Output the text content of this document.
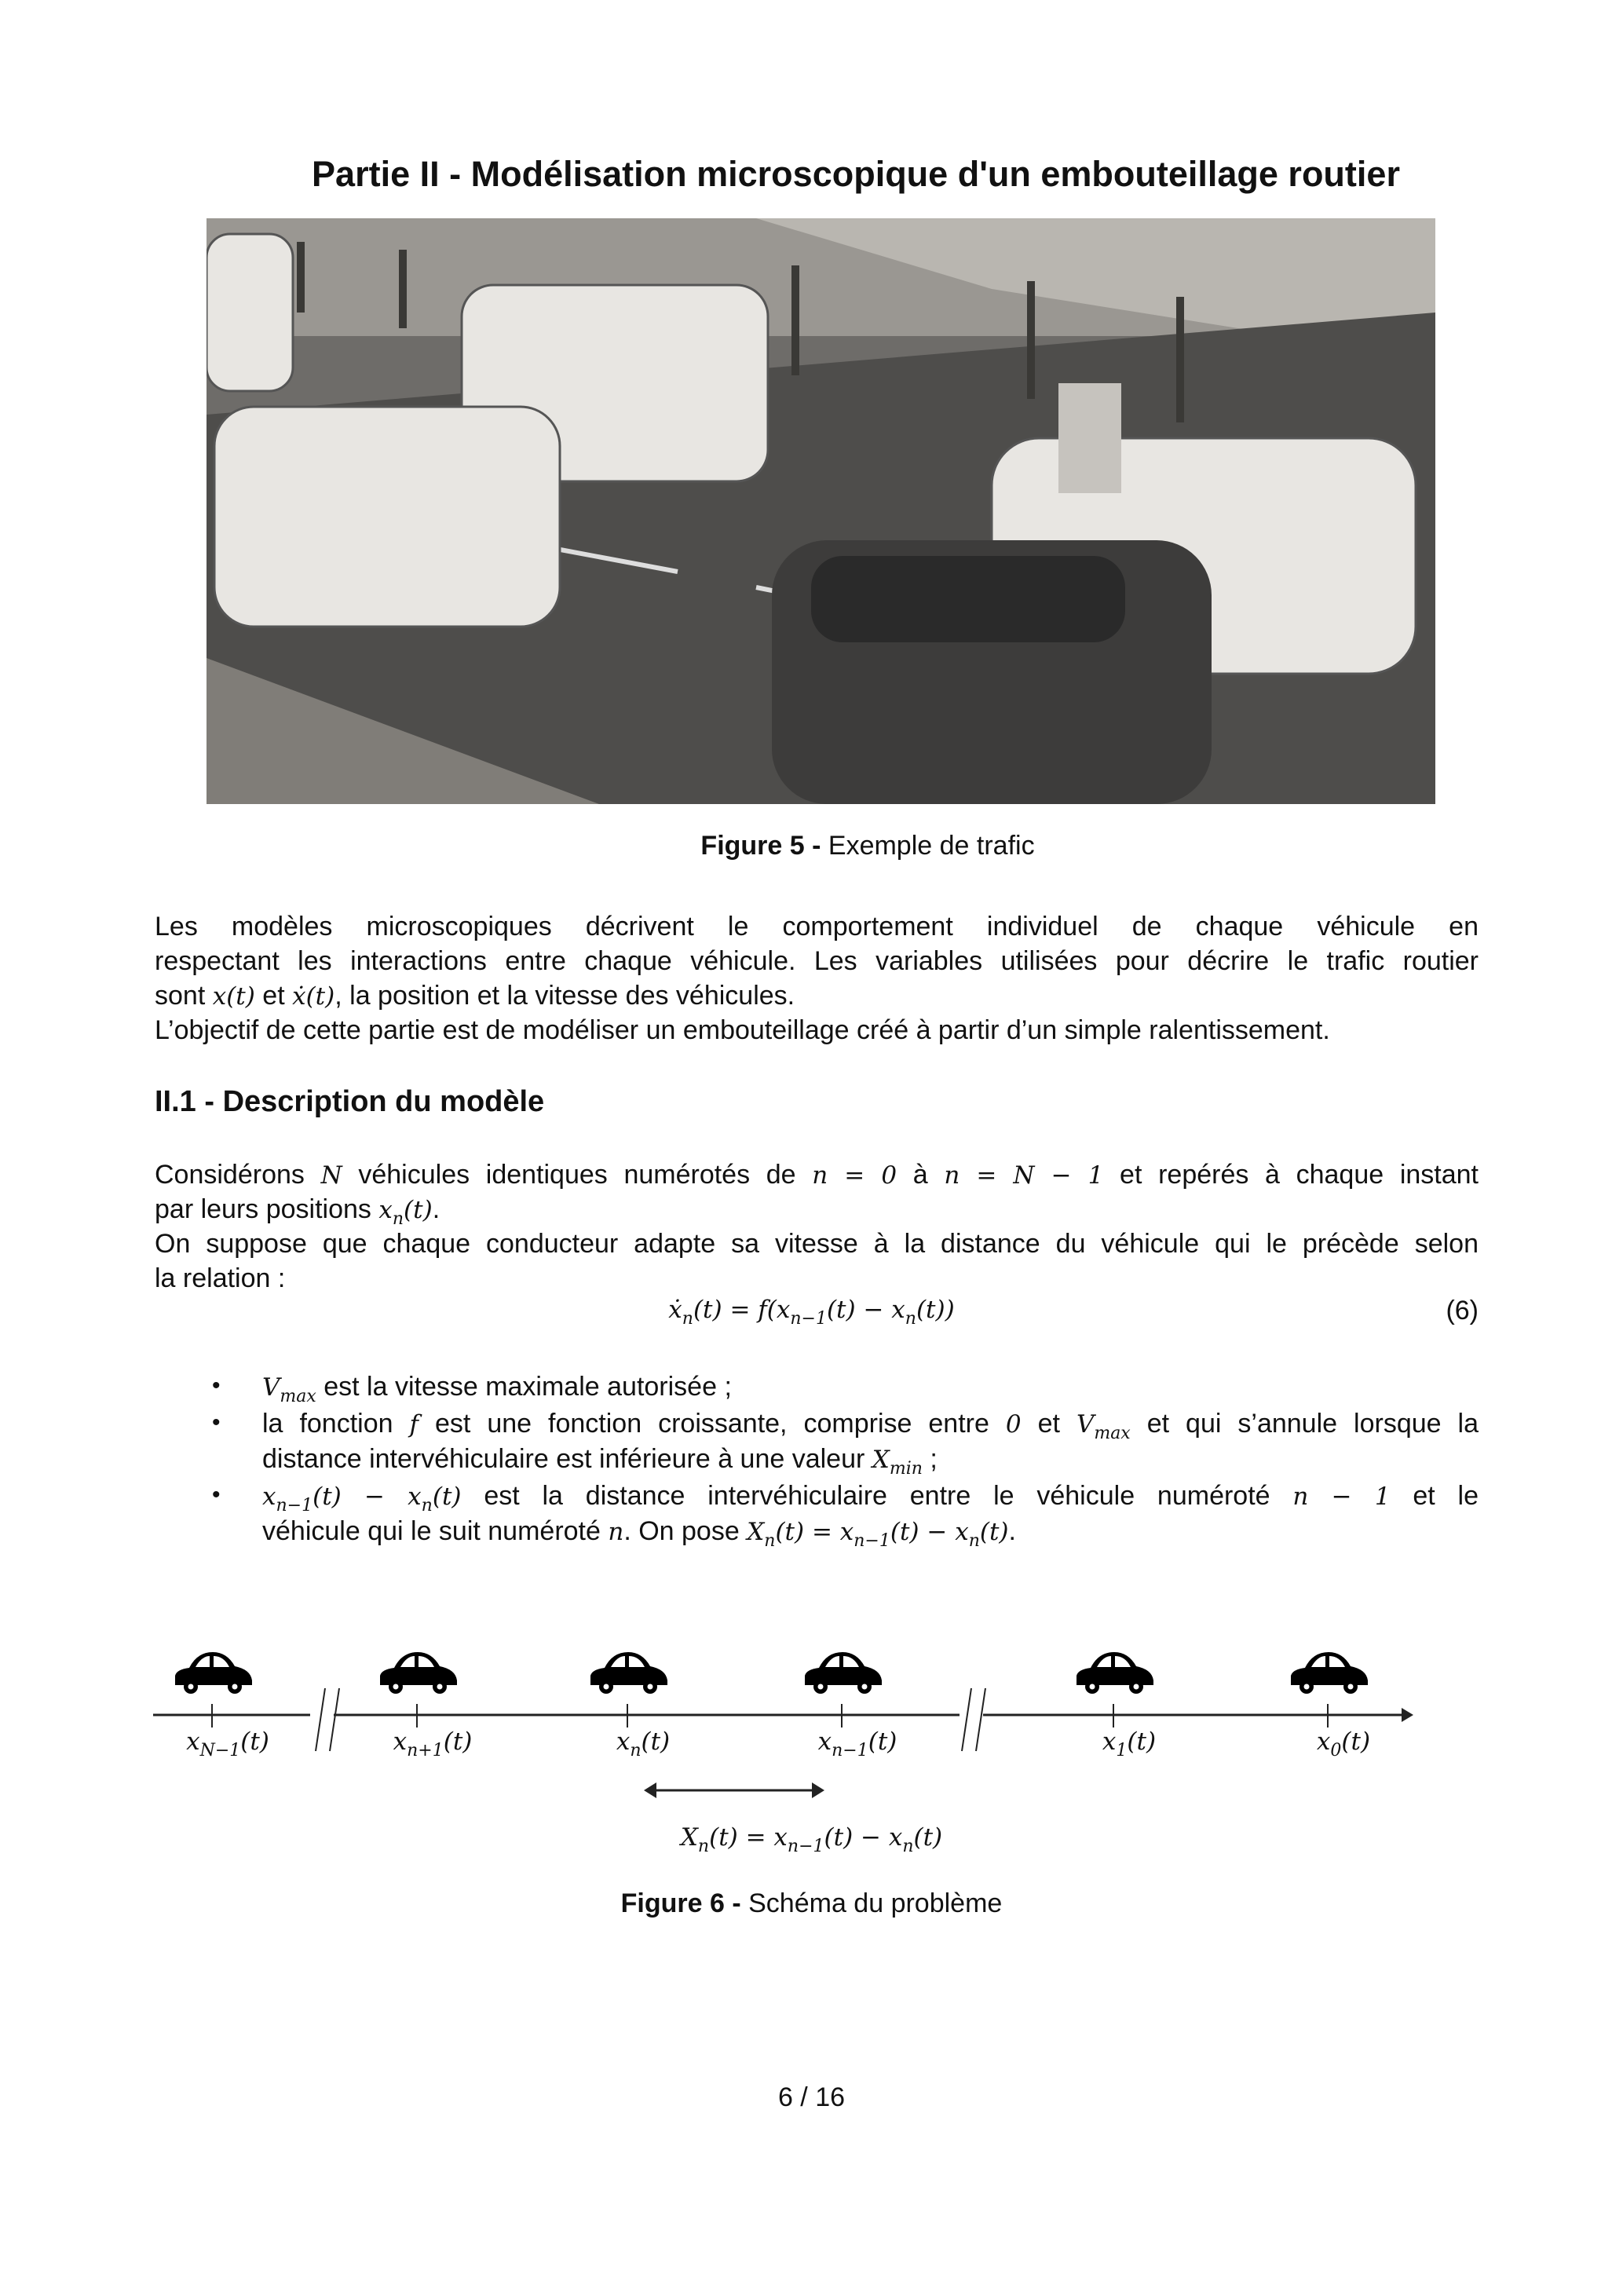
Partie II - Modélisation microscopique d'un embouteillage routier
Figure 5 - Exemple de trafic
Les modèles microscopiques décrivent le comportement individuel de chaque véhicule en
respectant les interactions entre chaque véhicule. Les variables utilisées pour décrire le trafic routier
sont x(t) et ẋ(t), la position et la vitesse des véhicules.
L’objectif de cette partie est de modéliser un embouteillage créé à partir d’un simple ralentissement.
II.1 - Description du modèle
Considérons N véhicules identiques numérotés de n = 0 à n = N − 1 et repérés à chaque instant
par leurs positions $x_n(t)$.
On suppose que chaque conducteur adapte sa vitesse à la distance du véhicule qui le précède selon
la relation :
ẋn(t) = f(xn−1(t) − xn(t))	(6)
$V_{max}$ est la vitesse maximale autorisée ;
•
la fonction f est une fonction croissante, comprise entre 0 et $V_{max}$ et qui s’annule lorsque la
•
distance intervéhiculaire est inférieure à une valeur $X_{min}$ ;
$x_{n-1}(t) - x_n(t)$ est la distance intervéhiculaire entre le véhicule numéroté n − 1 et le
•
véhicule qui le suit numéroté n. On pose $X_n(t) = x_{n-1}(t) - x_n(t)$.
$x_{N-1}(t)$	$x_{n+1}(t)$	$x_n(t)$	$x_{n-1}(t)$	$x_1(t)$	$x_0(t)$
Xn(t) = xn−1(t) − xn(t)
Figure 6 - Schéma du problème
6 / 16
